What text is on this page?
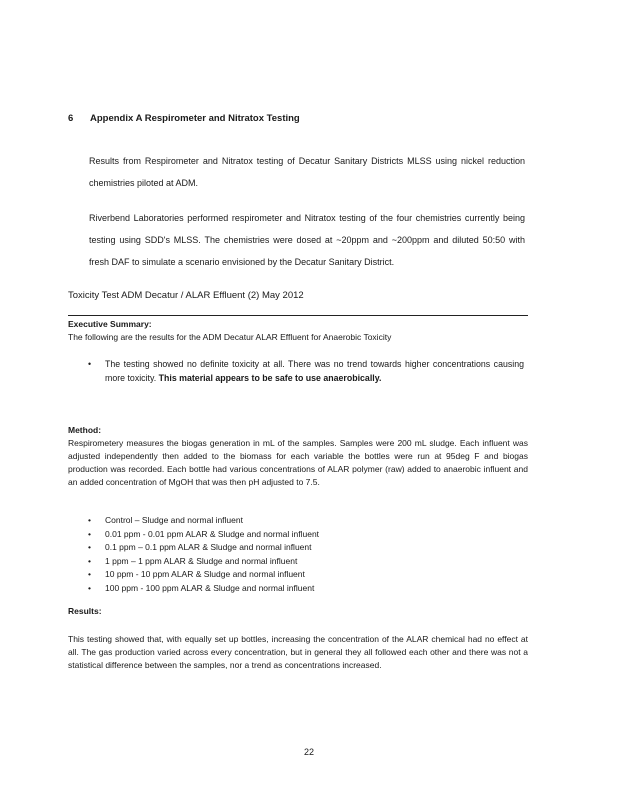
6 Appendix A Respirometer and Nitratox Testing
Results from Respirometer and Nitratox testing of Decatur Sanitary Districts MLSS using nickel reduction chemistries piloted at ADM.
Riverbend Laboratories performed respirometer and Nitratox testing of the four chemistries currently being testing using SDD's MLSS. The chemistries were dosed at ~20ppm and ~200ppm and diluted 50:50 with fresh DAF to simulate a scenario envisioned by the Decatur Sanitary District.
Toxicity Test ADM Decatur / ALAR Effluent (2) May 2012
Executive Summary:
The following are the results for the ADM Decatur ALAR Effluent for Anaerobic Toxicity
• The testing showed no definite toxicity at all. There was no trend towards higher concentrations causing more toxicity. This material appears to be safe to use anaerobically.
Method:
Respirometery measures the biogas generation in mL of the samples. Samples were 200 mL sludge. Each influent was adjusted independently then added to the biomass for each variable the bottles were run at 95deg F and biogas production was recorded. Each bottle had various concentrations of ALAR polymer (raw) added to anaerobic influent and an added concentration of MgOH that was then pH adjusted to 7.5.
• Control – Sludge and normal influent
• 0.01 ppm - 0.01 ppm ALAR & Sludge and normal influent
• 0.1 ppm – 0.1 ppm ALAR & Sludge and normal influent
• 1 ppm – 1 ppm ALAR & Sludge and normal influent
• 10 ppm - 10 ppm ALAR & Sludge and normal influent
• 100 ppm - 100 ppm ALAR & Sludge and normal influent
Results:
This testing showed that, with equally set up bottles, increasing the concentration of the ALAR chemical had no effect at all. The gas production varied across every concentration, but in general they all followed each other and there was not a statistical difference between the samples, nor a trend as concentrations increased.
22
